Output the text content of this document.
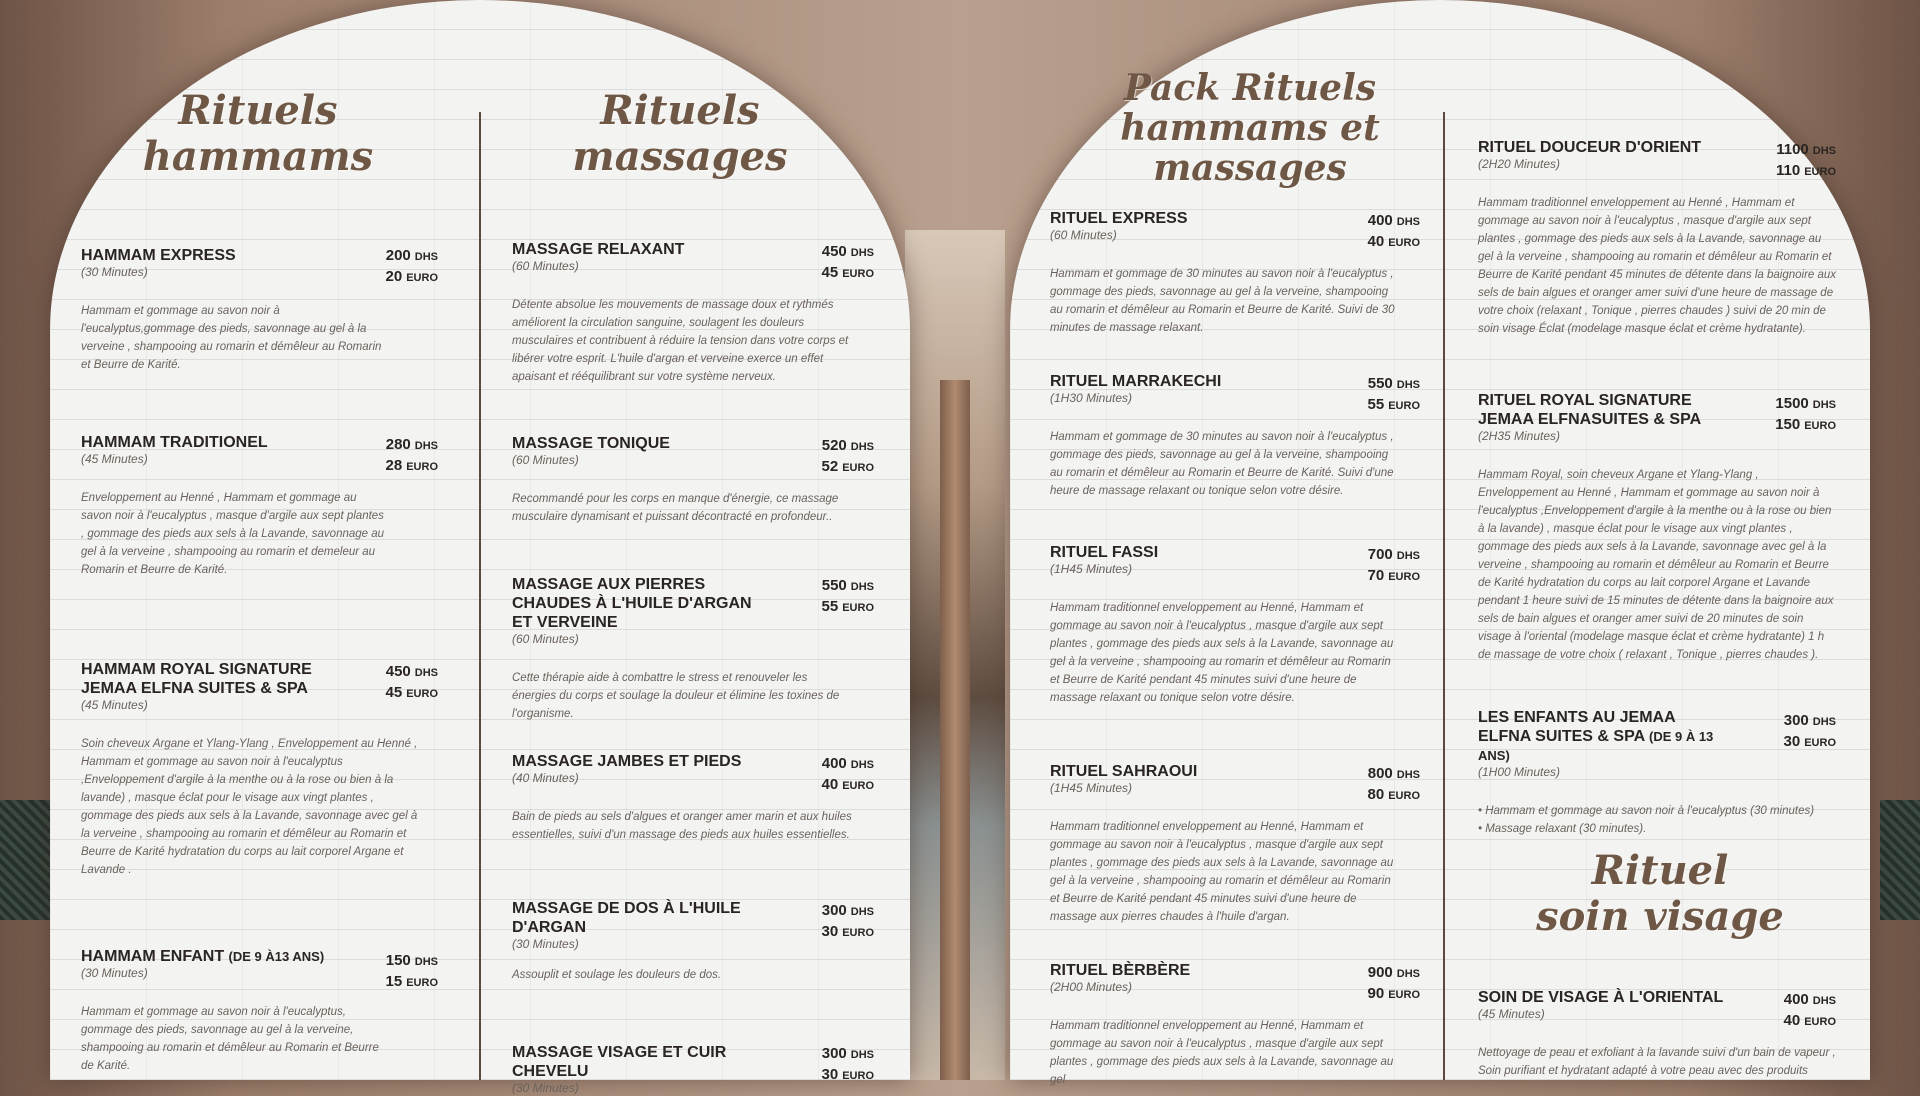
Rituels
hammams
Rituels
massages
HAMMAM EXPRESS
(30 Minutes)
Hammam et gommage au savon noir à l'eucalyptus,gommage des pieds, savonnage au gel à la verveine , shampooing au romarin et démêleur au Romarin et Beurre de Karité.
200 DHS
20 EURO
HAMMAM TRADITIONEL
(45 Minutes)
Enveloppement au Henné , Hammam et gommage au savon noir à l'eucalyptus , masque d'argile aux sept plantes , gommage des pieds aux sels à la Lavande, savonnage au gel à la verveine , shampooing au romarin et demeleur au Romarin et Beurre de Karité.
280 DHS
28 EURO
HAMMAM ROYAL SIGNATURE JEMAA ELFNA SUITES & SPA
(45 Minutes)
Soin cheveux Argane et Ylang-Ylang , Enveloppement au Henné , Hammam et gommage au savon noir à l'eucalyptus ,Enveloppement d'argile à la menthe ou à la rose ou bien à la lavande) , masque éclat pour le visage aux vingt plantes , gommage des pieds aux sels à la Lavande, savonnage avec gel à la verveine , shampooing au romarin et démêleur au Romarin et Beurre de Karité hydratation du corps au lait corporel Argane et Lavande .
450 DHS
45 EURO
HAMMAM ENFANT (DE 9 À13 ANS)
(30 Minutes)
Hammam et gommage au savon noir à l'eucalyptus, gommage des pieds, savonnage au gel à la verveine, shampooing au romarin et démêleur au Romarin et Beurre de Karité.
150 DHS
15 EURO
MASSAGE RELAXANT
(60 Minutes)
Détente absolue les mouvements de massage doux et rythmés améliorent la circulation sanguine, soulagent les douleurs musculaires et contribuent à réduire la tension dans votre corps et libérer votre esprit. L'huile d'argan et verveine exerce un effet apaisant et rééquilibrant sur votre système nerveux.
450 DHS
45 EURO
MASSAGE TONIQUE
(60 Minutes)
Recommandé pour les corps en manque d'énergie, ce massage musculaire dynamisant et puissant décontracté en profondeur..
520 DHS
52 EURO
MASSAGE AUX PIERRES CHAUDES À L'HUILE D'ARGAN ET VERVEINE
(60 Minutes)
Cette thérapie aide à combattre le stress et renouveler les énergies du corps et soulage la douleur et élimine les toxines de l'organisme.
550 DHS
55 EURO
MASSAGE JAMBES ET PIEDS
(40 Minutes)
Bain de pieds au sels d'algues et oranger amer marin et aux huiles essentielles, suivi d'un massage des pieds aux huiles essentielles.
400 DHS
40 EURO
MASSAGE DE DOS À L'HUILE D'ARGAN
(30 Minutes)
Assouplit et soulage les douleurs de dos.
300 DHS
30 EURO
MASSAGE VISAGE ET CUIR CHEVELU
(30 Minutes)
300 DHS
30 EURO
Pack Rituels
hammams et
massages
RITUEL EXPRESS
(60 Minutes)
Hammam et gommage de 30 minutes au savon noir à l'eucalyptus , gommage des pieds, savonnage au gel à la verveine, shampooing au romarin et démêleur au Romarin et Beurre de Karité. Suivi de 30 minutes de massage relaxant.
400 DHS
40 EURO
RITUEL MARRAKECHI
(1H30 Minutes)
Hammam et gommage de 30 minutes au savon noir à l'eucalyptus , gommage des pieds, savonnage au gel à la verveine, shampooing au romarin et démêleur au Romarin et Beurre de Karité. Suivi d'une heure de massage relaxant ou tonique selon votre désire.
550 DHS
55 EURO
RITUEL FASSI
(1H45 Minutes)
Hammam traditionnel enveloppement au Henné, Hammam et gommage au savon noir à l'eucalyptus , masque d'argile aux sept plantes , gommage des pieds aux sels à la Lavande, savonnage au gel à la verveine , shampooing au romarin et démêleur au Romarin et Beurre de Karité pendant 45 minutes suivi d'une heure de massage relaxant ou tonique selon votre désire.
700 DHS
70 EURO
RITUEL SAHRAOUI
(1H45 Minutes)
Hammam traditionnel enveloppement au Henné, Hammam et gommage au savon noir à l'eucalyptus , masque d'argile aux sept plantes , gommage des pieds aux sels à la Lavande, savonnage au gel à la verveine , shampooing au romarin et démêleur au Romarin et Beurre de Karité pendant 45 minutes suivi d'une heure de massage aux pierres chaudes à l'huile d'argan.
800 DHS
80 EURO
RITUEL BÈRBÈRE
(2H00 Minutes)
Hammam traditionnel enveloppement au Henné, Hammam et gommage au savon noir à l'eucalyptus , masque d'argile aux sept plantes , gommage des pieds aux sels à la Lavande, savonnage au gel
900 DHS
90 EURO
RITUEL DOUCEUR D'ORIENT
(2H20 Minutes)
Hammam traditionnel enveloppement au Henné , Hammam et gommage au savon noir à l'eucalyptus , masque d'argile aux sept plantes , gommage des pieds aux sels à la Lavande, savonnage au gel à la verveine , shampooing au romarin et démêleur au Romarin et Beurre de Karité pendant 45 minutes de détente dans la baignoire aux sels de bain algues et oranger amer suivi d'une heure de massage de votre choix (relaxant , Tonique , pierres chaudes ) suivi de 20 min de soin visage Éclat (modelage masque éclat et crème hydratante).
1100 DHS
110 EURO
RITUEL ROYAL SIGNATURE JEMAA ELFNASUITES & SPA
(2H35 Minutes)
Hammam Royal, soin cheveux Argane et Ylang-Ylang , Enveloppement au Henné , Hammam et gommage au savon noir à l'eucalyptus ,Enveloppement d'argile à la menthe ou à la rose ou bien à la lavande) , masque éclat pour le visage aux vingt plantes , gommage des pieds aux sels à la Lavande, savonnage avec gel à la verveine , shampooing au romarin et démêleur au Romarin et Beurre de Karité hydratation du corps au lait corporel Argane et Lavande pendant 1 heure suivi de 15 minutes de détente dans la baignoire aux sels de bain algues et oranger amer suivi de 20 minutes de soin visage à l'oriental (modelage masque éclat et crème hydratante) 1 h de massage de votre choix ( relaxant , Tonique , pierres chaudes ).
1500 DHS
150 EURO
LES ENFANTS AU JEMAA ELFNA SUITES & SPA (DE 9 À 13 ANS)
(1H00 Minutes)
• Hammam et gommage au savon noir à l'eucalyptus (30 minutes)
• Massage relaxant (30 minutes).
300 DHS
30 EURO
Rituel
soin visage
SOIN DE VISAGE À L'ORIENTAL
(45 Minutes)
Nettoyage de peau et exfoliant à la lavande suivi d'un bain de vapeur , Soin purifiant et hydratant adapté à votre peau avec des produits
400 DHS
40 EURO
